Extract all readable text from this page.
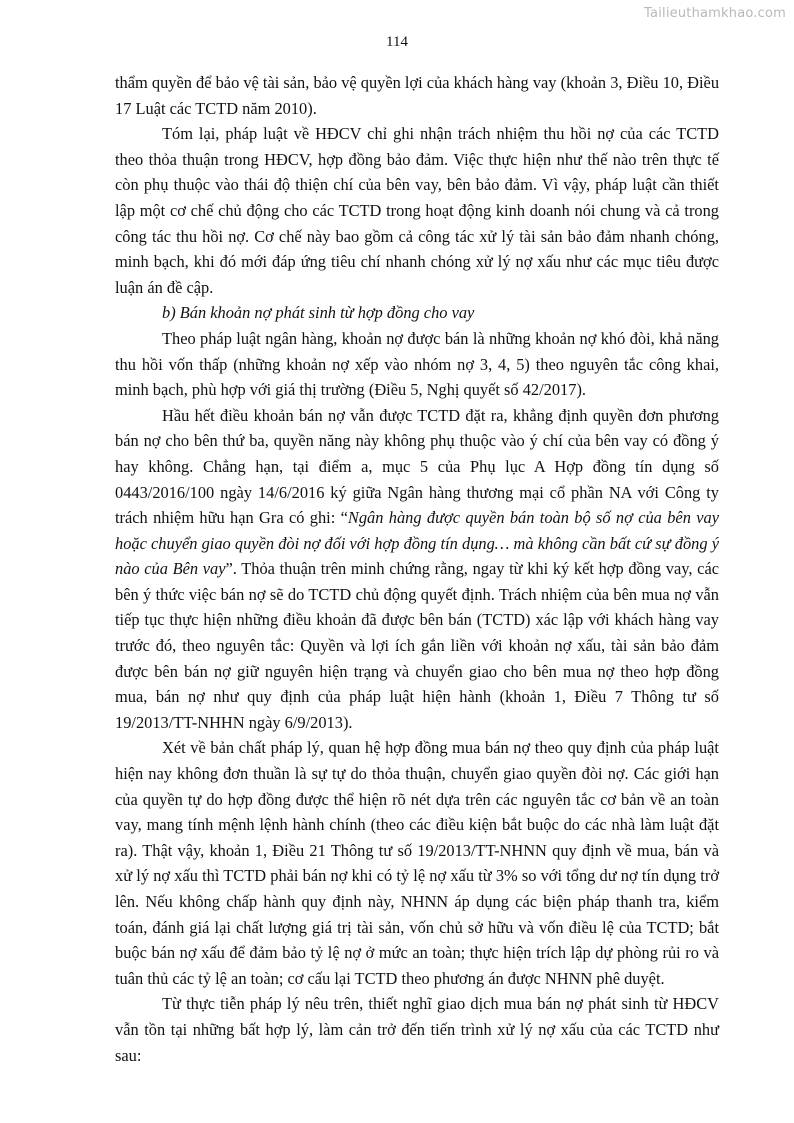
Tailieuthamkhao.com
114

thẩm quyền để bảo vệ tài sản, bảo vệ quyền lợi của khách hàng vay (khoản 3, Điều 10, Điều 17 Luật các TCTD năm 2010).

Tóm lại, pháp luật về HĐCV chỉ ghi nhận trách nhiệm thu hồi nợ của các TCTD theo thỏa thuận trong HĐCV, hợp đồng bảo đảm. Việc thực hiện như thế nào trên thực tế còn phụ thuộc vào thái độ thiện chí của bên vay, bên bảo đảm. Vì vậy, pháp luật cần thiết lập một cơ chế chủ động cho các TCTD trong hoạt động kinh doanh nói chung và cả trong công tác thu hồi nợ. Cơ chế này bao gồm cả công tác xử lý tài sản bảo đảm nhanh chóng, minh bạch, khi đó mới đáp ứng tiêu chí nhanh chóng xử lý nợ xấu như các mục tiêu được luận án đề cập.

b) Bán khoản nợ phát sinh từ hợp đồng cho vay

Theo pháp luật ngân hàng, khoản nợ được bán là những khoản nợ khó đòi, khả năng thu hồi vốn thấp (những khoản nợ xếp vào nhóm nợ 3, 4, 5) theo nguyên tắc công khai, minh bạch, phù hợp với giá thị trường (Điều 5, Nghị quyết số 42/2017).

Hầu hết điều khoản bán nợ vẫn được TCTD đặt ra, khẳng định quyền đơn phương bán nợ cho bên thứ ba, quyền năng này không phụ thuộc vào ý chí của bên vay có đồng ý hay không. Chẳng hạn, tại điểm a, mục 5 của Phụ lục A Hợp đồng tín dụng số 0443/2016/100 ngày 14/6/2016 ký giữa Ngân hàng thương mại cổ phần NA với Công ty trách nhiệm hữu hạn Gra có ghi: “Ngân hàng được quyền bán toàn bộ số nợ của bên vay hoặc chuyển giao quyền đòi nợ đối với hợp đồng tín dụng… mà không cần bất cứ sự đồng ý nào của Bên vay”. Thỏa thuận trên minh chứng rằng, ngay từ khi ký kết hợp đồng vay, các bên ý thức việc bán nợ sẽ do TCTD chủ động quyết định. Trách nhiệm của bên mua nợ vẫn tiếp tục thực hiện những điều khoản đã được bên bán (TCTD) xác lập với khách hàng vay trước đó, theo nguyên tắc: Quyền và lợi ích gắn liền với khoản nợ xấu, tài sản bảo đảm được bên bán nợ giữ nguyên hiện trạng và chuyển giao cho bên mua nợ theo hợp đồng mua, bán nợ như quy định của pháp luật hiện hành (khoản 1, Điều 7 Thông tư số 19/2013/TT-NHHN ngày 6/9/2013).

Xét về bản chất pháp lý, quan hệ hợp đồng mua bán nợ theo quy định của pháp luật hiện nay không đơn thuần là sự tự do thỏa thuận, chuyển giao quyền đòi nợ. Các giới hạn của quyền tự do hợp đồng được thể hiện rõ nét dựa trên các nguyên tắc cơ bản về an toàn vay, mang tính mệnh lệnh hành chính (theo các điều kiện bắt buộc do các nhà làm luật đặt ra). Thật vậy, khoản 1, Điều 21 Thông tư số 19/2013/TT-NHNN quy định về mua, bán và xử lý nợ xấu thì TCTD phải bán nợ khi có tỷ lệ nợ xấu từ 3% so với tổng dư nợ tín dụng trở lên. Nếu không chấp hành quy định này, NHNN áp dụng các biện pháp thanh tra, kiểm toán, đánh giá lại chất lượng giá trị tài sản, vốn chủ sở hữu và vốn điều lệ của TCTD; bắt buộc bán nợ xấu để đảm bảo tỷ lệ nợ ở mức an toàn; thực hiện trích lập dự phòng rủi ro và tuân thủ các tỷ lệ an toàn; cơ cấu lại TCTD theo phương án được NHNN phê duyệt.

Từ thực tiễn pháp lý nêu trên, thiết nghĩ giao dịch mua bán nợ phát sinh từ HĐCV vẫn tồn tại những bất hợp lý, làm cản trở đến tiến trình xử lý nợ xấu của các TCTD như sau:
